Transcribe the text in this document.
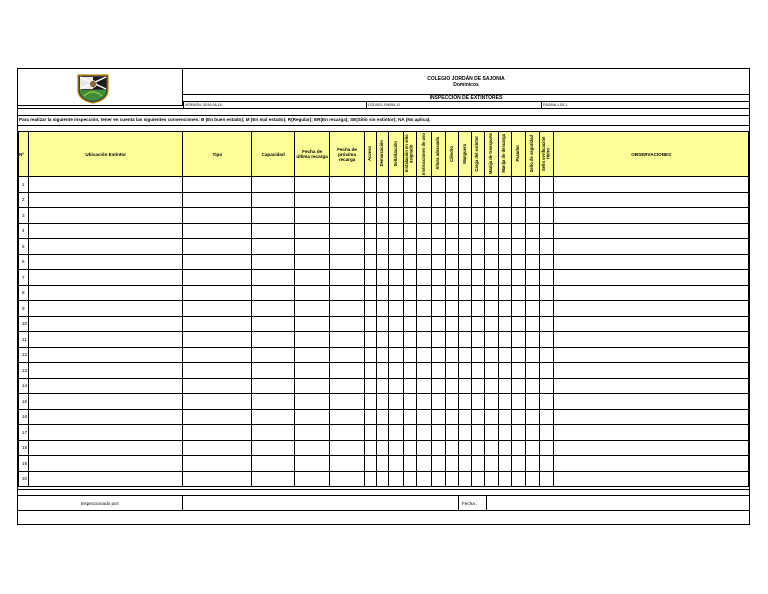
COLEGIO JORDÁN DE SAJONIA
Dominicos
INSPECCIÓN DE EXTINTORES
VERSIÓN: 02/16-05-18	CÓDIGO: FM055-12	PÁGINA 1 DE 1
Para realizar la siguiente inspección, tener en cuenta las siguientes convenciones: B (En buen estado); M (En mal estado); R(Regular); ER(En recarga); SE(Sitio sin extintor); NA (No aplica).
Nº	Ubicación Extintor	Tipo	Capacidad	Fecha de última recarga	Fecha de próxima recarga	Acceso	Demarcación	Señalización	Instalación en sitio asignado	Instrucciones de uso	Altura adecuada	Cilindro	Manguera	Carga del extintor	Manija de transporte	Manija de descarga	Pasador	Sello de seguridad	Sello verificación Hidro	OBSERVACIONES
1																				
2																				
3																				
4																				
5																				
6																				
7																				
8																				
9																				
10																				
11																				
12																				
13																				
14																				
15																				
16																				
17																				
18																				
19																				
20																				
Inspeccionado por:	Fecha :
